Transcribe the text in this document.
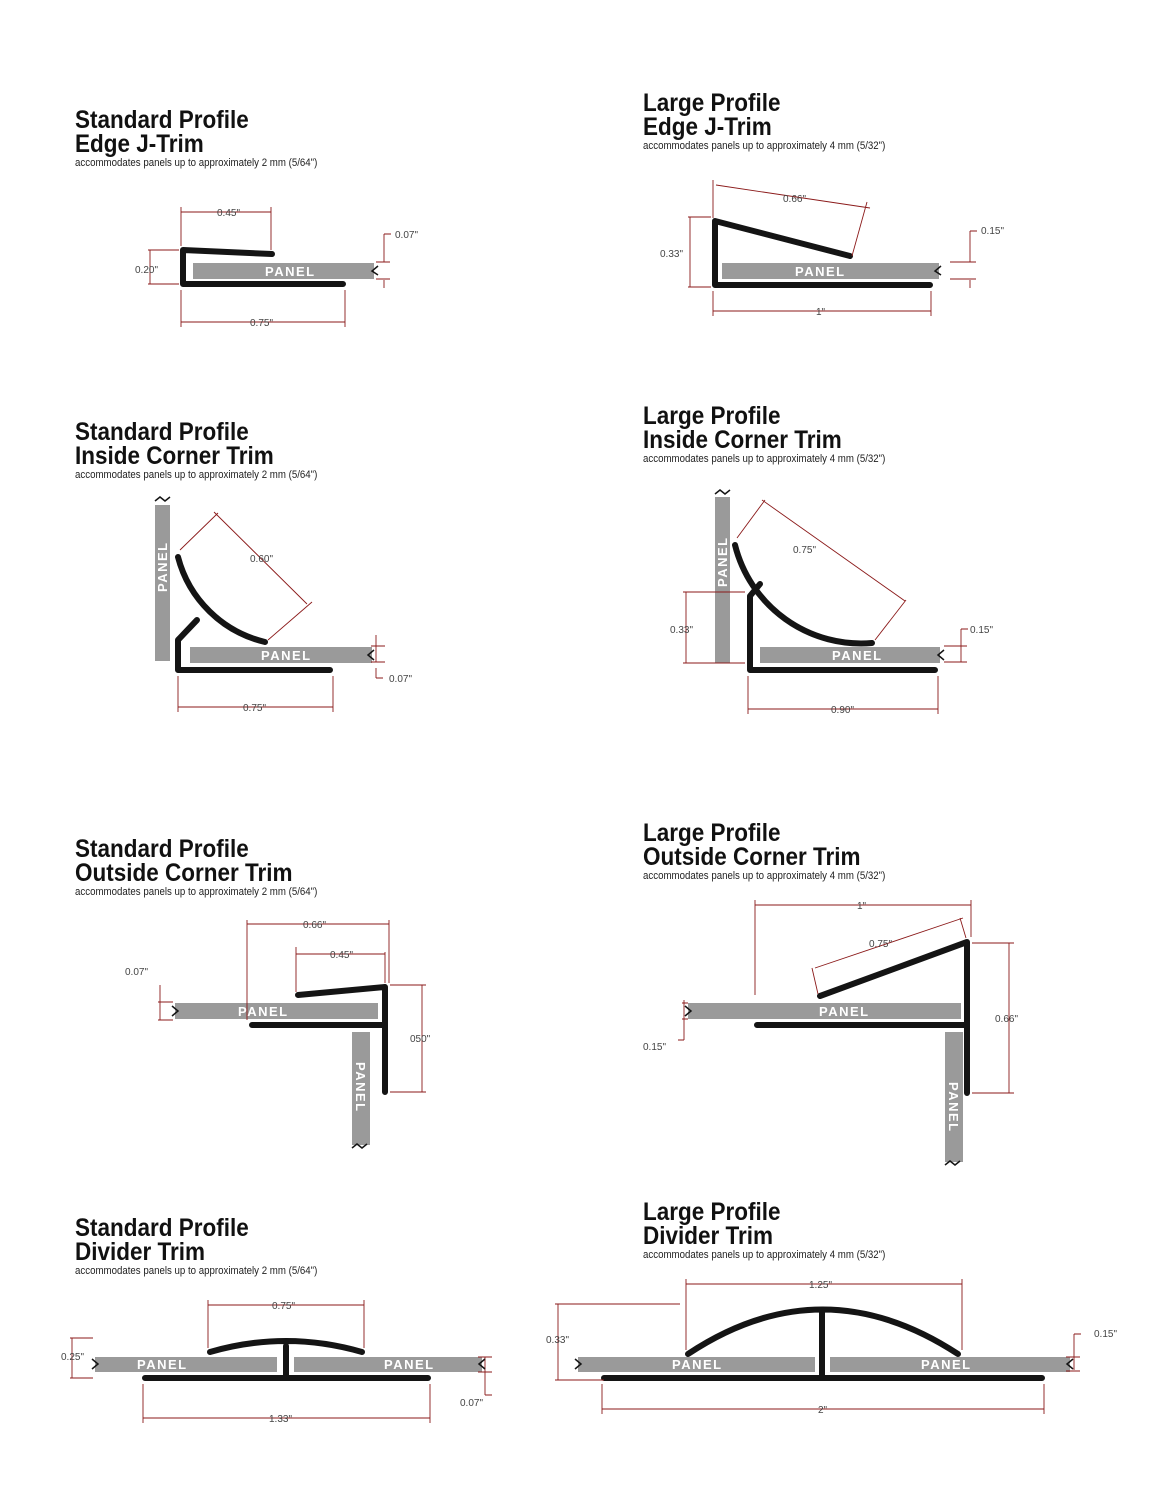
Standard Profile
Edge J-Trim
accommodates panels up to approximately 2 mm (5/64")
Large Profile
Edge J-Trim
accommodates panels up to approximately 4 mm (5/32")
Standard Profile
Inside Corner Trim
accommodates panels up to approximately 2 mm (5/64")
Large Profile
Inside Corner Trim
accommodates panels up to approximately 4 mm (5/32")
Standard Profile
Outside Corner Trim
accommodates panels up to approximately 2 mm (5/64")
Large Profile
Outside Corner Trim
accommodates panels up to approximately 4 mm (5/32")
Standard Profile
Divider Trim
accommodates panels up to approximately 2 mm (5/64")
Large Profile
Divider Trim
accommodates panels up to approximately 4 mm (5/32")
PANEL	PANEL
PANEL
PANEL
PANEL
PANEL
PANEL
PANEL
PANEL
PANEL
PANEL	PANEL	PANEL	PANEL
0.45"
0.20"
0.07"
0.75"
0.66"
0.33"
0.15"
1"
0.60"
0.07"
0.75"
0.75"
0.33"	0.15"
0.90"
0.66"
0.45"
0.07"
050"
1"
0.75"
0.15"
0.66"
0.75"
0.25"
0.07"
1.33"
1.25"
0.33"
0.15"
2"
